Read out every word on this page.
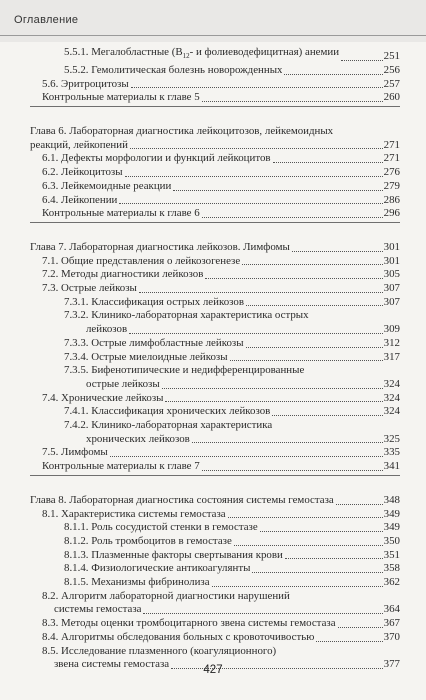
Оглавление
5.5.1. Мегалобластные ($B_{12}-$ и фолиеводефицитная) анемии	251
5.5.2. Гемолитическая болезнь новорожденных	256
5.6. Эритроцитозы	257
Контрольные материалы к главе 5	260
Глава 6. Лабораторная диагностика лейкоцитозов, лейкемоидных
реакций, лейкопений	271
6.1. Дефекты морфологии и функций лейкоцитов	271
6.2. Лейкоцитозы	276
6.3. Лейкемоидные реакции	279
6.4. Лейкопении	286
Контрольные материалы к главе 6	296
Глава 7. Лабораторная диагностика лейкозов. Лимфомы	301
7.1. Общие представления о лейкозогенезе	301
7.2. Методы диагностики лейкозов	305
7.3. Острые лейкозы	307
7.3.1. Классификация острых лейкозов	307
7.3.2. Клинико-лабораторная характеристика острых
лейкозов	309
7.3.3. Острые лимфобластные лейкозы	312
7.3.4. Острые миелоидные лейкозы	317
7.3.5. Бифенотипические и недифференцированные
острые лейкозы	324
7.4. Хронические лейкозы	324
7.4.1. Классификация хронических лейкозов	324
7.4.2. Клинико-лабораторная характеристика
хронических лейкозов	325
7.5. Лимфомы	335
Контрольные материалы к главе 7	341
Глава 8. Лабораторная диагностика состояния системы гемостаза	348
8.1. Характеристика системы гемостаза	349
8.1.1. Роль сосудистой стенки в гемостазе	349
8.1.2. Роль тромбоцитов в гемостазе	350
8.1.3. Плазменные факторы свертывания крови	351
8.1.4. Физиологические антикоагулянты	358
8.1.5. Механизмы фибринолиза	362
8.2. Алгоритм лабораторной диагностики нарушений
системы гемостаза	364
8.3. Методы оценки тромбоцитарного звена системы гемостаза	367
8.4. Алгоритмы обследования больных с кровоточивостью	370
8.5. Исследование плазменного (коагуляционного)
звена системы гемостаза	377
427
